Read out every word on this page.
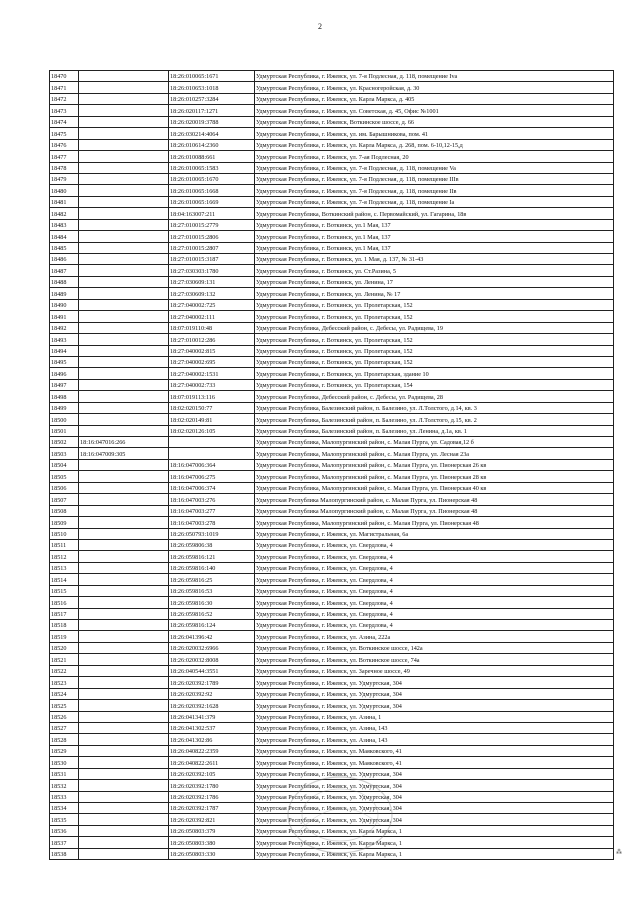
2
18470		18:26:010065:1671	Удмуртская Республика, г. Ижевск, ул. 7-я Подлесная, д. 118, помещение Iva
18471		18:26:010653:1018	Удмуртская Республика, г. Ижевск, ул. Красногеройская, д. 30
18472		18:26:010257:3284	Удмуртская Республика, г. Ижевск, ул. Карла Маркса, д. 405
18473		18:26:020117:1271	Удмуртская Республика, г. Ижевск, ул. Советская, д. 45, Офис №1001
18474		18:26:020019:3788	Удмуртская Республика, г. Ижевск, Воткинское шоссе, д. 66
18475		18:26:030214:4064	Удмуртская Республика, г. Ижевск, ул. им. Барышникова, пом. 41
18476		18:26:010614:2360	Удмуртская Республика, г. Ижевск, ул. Карла Маркса, д. 268, пом. 6-10,12-15,д
18477		18:26:010088:661	Удмуртская Республика, г. Ижевск, ул. 7-ая Подлесная, 20
18478		18:26:010065:1583	Удмуртская Республика, г. Ижевск, ул. 7-я Подлесная, д. 118, помещение Va
18479		18:26:010065:1670	Удмуртская Республика, г. Ижевск, ул. 7-я Подлесная, д. 118, помещение IIIв
18480		18:26:010065:1668	Удмуртская Республика, г. Ижевск, ул. 7-я Подлесная, д. 118, помещение IIв
18481		18:26:010065:1669	Удмуртская Республика, г. Ижевск, ул. 7-я Подлесная, д. 118, помещение Iа
18482		18:04:163007:211	Удмуртская Республика, Воткинский район, с. Первомайский, ул. Гагарина, 18в
18483		18:27:010015:2779	Удмуртская Республика, г. Воткинск, ул.1 Мая, 137
18484		18:27:010015:2806	Удмуртская Республика, г. Воткинск, ул.1 Мая, 137
18485		18:27:010015:2807	Удмуртская Республика, г. Воткинск, ул.1 Мая, 137
18486		18:27:010015:3187	Удмуртская Республика, г. Воткинск, ул. 1 Мая, д. 137, № 31-43
18487		18:27:030303:1780	Удмуртская Республика, г. Воткинск, ул. Ст.Разина, 5
18488		18:27:030609:131	Удмуртская Республика, г. Воткинск, ул. Ленина, 17
18489		18:27:030609:132	Удмуртская Республика, г. Воткинск, ул. Ленина, № 17
18490		18:27:040002:725	Удмуртская Республика, г. Воткинск, ул. Пролетарская, 152
18491		18:27:040002:111	Удмуртская Республика, г. Воткинск, ул. Пролетарская, 152
18492		18:07:019110:48	Удмуртская Республика, Дебесский район, с. Дебесы, ул. Радищева, 19
18493		18:27:010012:286	Удмуртская Республика, г. Воткинск, ул. Пролетарская, 152
18494		18:27:040002:815	Удмуртская Республика, г. Воткинск, ул. Пролетарская, 152
18495		18:27:040002:695	Удмуртская Республика, г. Воткинск, ул. Пролетарская, 152
18496		18:27:040002:1531	Удмуртская Республика, г. Воткинск, ул. Пролетарская, здание 10
18497		18:27:040002:733	Удмуртская Республика, г. Воткинск, ул. Пролетарская, 154
18498		18:07:019113:116	Удмуртская Республика, Дебесский район, с. Дебесы, ул. Радищева, 28
18499		18:02:020150:77	Удмуртская Республика, Балезинский район, п. Балезино, ул. Л.Толстого, д.14, кв. 3
18500		18:02:020149:81	Удмуртская Республика, Балезинский район, п. Балезино, ул. Л.Толстого, д.15, кв. 2
18501		18:02:020126:105	Удмуртская Республика, Балезинский район, п. Балезино, ул. Ленина, д.1а, кв. 1
18502	18:16:047016:266		Удмуртская Республика, Малопургинский район, с. Малая Пурга, ул. Садовая,12 б
18503	18:16:047009:305		Удмуртская Республика, Малопургинский район, с. Малая Пурга, ул. Лесная 23а
18504		18:16:047006:364	Удмуртская Республика, Малопургинский район, с. Малая Пурга, ул. Пионерская 26 кв
18505		18:16:047006:275	Удмуртская Республика, Малопургинский район, с. Малая Пурга, ул. Пионерская 28 кв
18506		18:16:047006:374	Удмуртская Республика, Малопургинский район, с. Малая Пурга, ул. Пионерская 40 кв
18507		18:16:047003:276	Удмуртская Республика Малопургинский район, с. Малая Пурга, ул. Пионерская 48
18508		18:16:047003:277	Удмуртская Республика Малопургинский район, с. Малая Пурга, ул. Пионерская 48
18509		18:16:047003:278	Удмуртская Республика, Малопургинский район, с. Малая Пурга, ул. Пионерская 48
18510		18:26:050793:1019	Удмуртская Республика, г. Ижевск, ул. Магистральная, 6а
18511		18:26:059806:38	Удмуртская Республика, г. Ижевск, ул. Свердлова, 4
18512		18:26:059816:121	Удмуртская Республика, г. Ижевск, ул. Свердлова, 4
18513		18:26:059816:140	Удмуртская Республика, г. Ижевск, ул. Свердлова, 4
18514		18:26:059816:25	Удмуртская Республика, г. Ижевск, ул. Свердлова, 4
18515		18:26:059816:53	Удмуртская Республика, г. Ижевск, ул. Свердлова, 4
18516		18:26:059816:30	Удмуртская Республика, г. Ижевск, ул. Свердлова, 4
18517		18:26:059816:52	Удмуртская Республика, г. Ижевск, ул. Свердлова, 4
18518		18:26:059816:124	Удмуртская Республика, г. Ижевск, ул. Свердлова, 4
18519		18:26:041396:42	Удмуртская Республика, г. Ижевск, ул. Азина, 222а
18520		18:26:020032:6966	Удмуртская Республика, г. Ижевск, ул. Воткинское шоссе, 142а
18521		18:26:020032:8008	Удмуртская Республика, г. Ижевск, ул. Воткинское шоссе, 74а
18522		18:26:040544:3551	Удмуртская Республика, г. Ижевск, ул. Заречное шоссе, 49
18523		18:26:020392:1789	Удмуртская Республика, г. Ижевск, ул. Удмуртская, 304
18524		18:26:020392:92	Удмуртская Республика, г. Ижевск, ул. Удмуртская, 304
18525		18:26:020392:1628	Удмуртская Республика, г. Ижевск, ул. Удмуртская, 304
18526		18:26:041341:379	Удмуртская Республика, г. Ижевск, ул. Азина, 1
18527		18:26:041302:537	Удмуртская Республика, г. Ижевск, ул. Азина, 143
18528		18:26:041302:86	Удмуртская Республика, г. Ижевск, ул. Азина, 143
18529		18:26:040822:2359	Удмуртская Республика, г. Ижевск, ул. Маяковского, 41
18530		18:26:040822:2611	Удмуртская Республика, г. Ижевск, ул. Маяковского, 41
18531		18:26:020392:105	Удмуртская Республика, г. Ижевск, ул. Удмуртская, 304
18532		18:26:020392:1780	Удмуртская Республика, г. Ижевск, ул. Удмуртская, 304
18533		18:26:020392:1786	Удмуртская Республика, г. Ижевск, ул. Удмуртская, 304
18534		18:26:020392:1787	Удмуртская Республика, г. Ижевск, ул. Удмуртская, 304
18535		18:26:020392:821	Удмуртская Республика, г. Ижевск, ул. Удмуртская, 304
18536		18:26:050803:379	Удмуртская Республика, г. Ижевск, ул. Карла Маркса, 1
18537		18:26:050803:380	Удмуртская Республика, г. Ижевск, ул. Карла Маркса, 1
18538		18:26:050803:330	Удмуртская Республика, г. Ижевск, ул. Карла Маркса, 1	⁂
